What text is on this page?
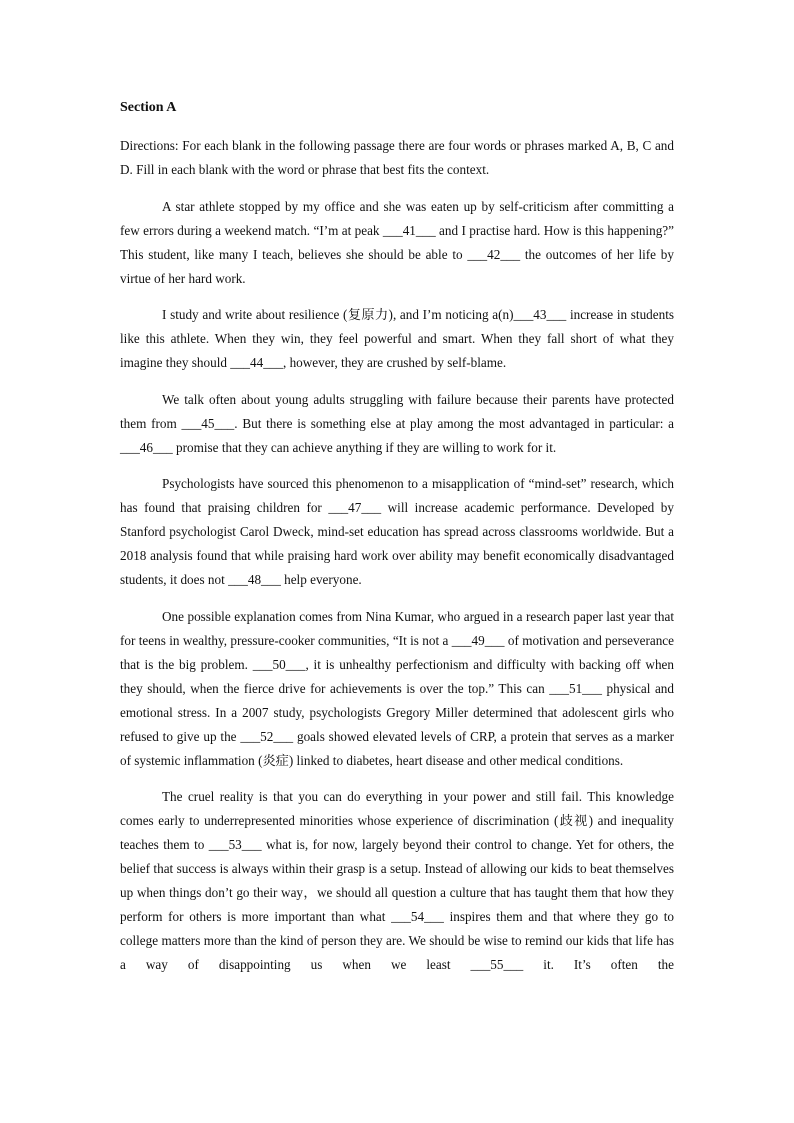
Section A

Directions: For each blank in the following passage there are four words or phrases marked A, B, C and D. Fill in each blank with the word or phrase that best fits the context.

A star athlete stopped by my office and she was eaten up by self-criticism after committing a few errors during a weekend match. “I’m at peak ___41___ and I practise hard. How is this happening?” This student, like many I teach, believes she should be able to ___42___ the outcomes of her life by virtue of her hard work.

I study and write about resilience (复原力), and I’m noticing a(n)___43___ increase in students like this athlete. When they win, they feel powerful and smart. When they fall short of what they imagine they should ___44___, however, they are crushed by self-blame.

We talk often about young adults struggling with failure because their parents have protected them from ___45___. But there is something else at play among the most advantaged in particular: a ___46___ promise that they can achieve anything if they are willing to work for it.

Psychologists have sourced this phenomenon to a misapplication of “mind-set” research, which has found that praising children for ___47___ will increase academic performance. Developed by Stanford psychologist Carol Dweck, mind-set education has spread across classrooms worldwide. But a 2018 analysis found that while praising hard work over ability may benefit economically disadvantaged students, it does not ___48___ help everyone.

One possible explanation comes from Nina Kumar, who argued in a research paper last year that for teens in wealthy, pressure-cooker communities, “It is not a ___49___ of motivation and perseverance that is the big problem. ___50___, it is unhealthy perfectionism and difficulty with backing off when they should, when the fierce drive for achievements is over the top.” This can ___51___ physical and emotional stress. In a 2007 study, psychologists Gregory Miller determined that adolescent girls who refused to give up the ___52___ goals showed elevated levels of CRP, a protein that serves as a marker of systemic inflammation (炎症) linked to diabetes, heart disease and other medical conditions.

The cruel reality is that you can do everything in your power and still fail. This knowledge comes early to underrepresented minorities whose experience of discrimination (歧视) and inequality teaches them to ___53___ what is, for now, largely beyond their control to change. Yet for others, the belief that success is always within their grasp is a setup. Instead of allowing our kids to beat themselves up when things don’t go their way，we should all question a culture that has taught them that how they perform for others is more important than what ___54___ inspires them and that where they go to college matters more than the kind of person they are. We should be wise to remind our kids that life has a way of disappointing us when we least ___55___ it. It’s often the
